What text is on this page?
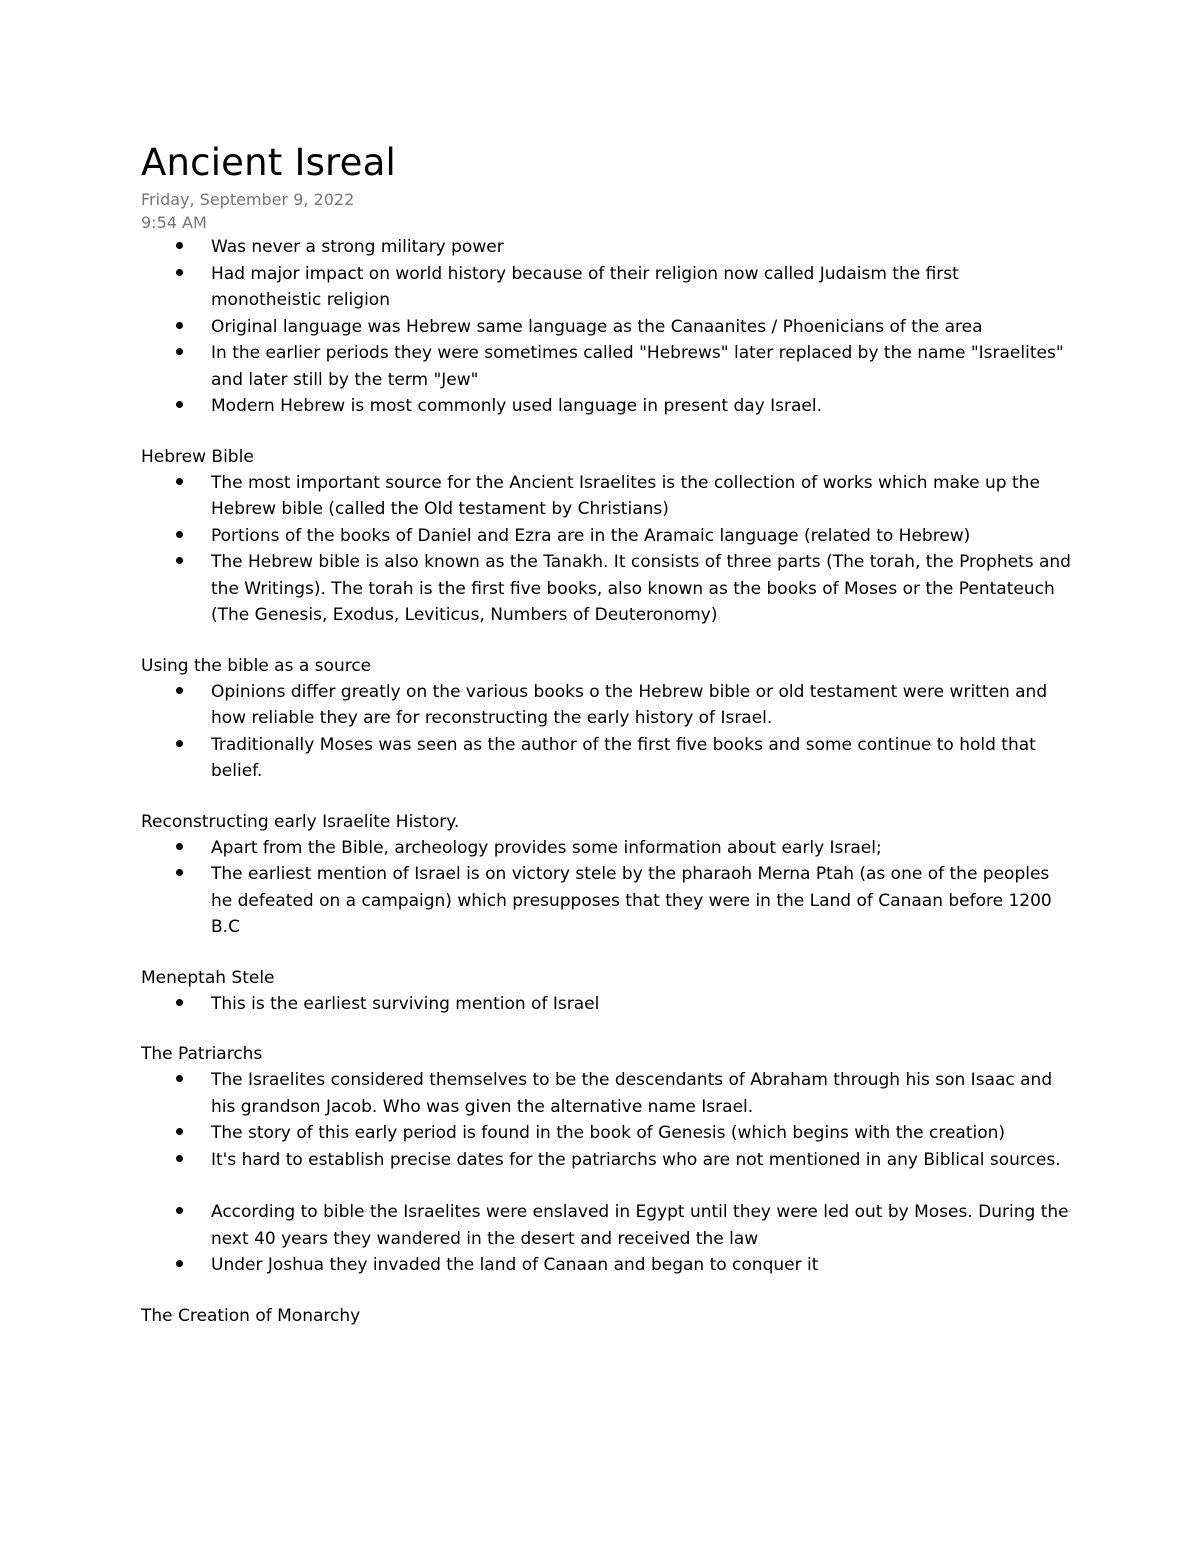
Ancient Isreal

Friday, September 9, 2022

9:54 AM

Was never a strong military power
Had major impact on world history because of their religion now called Judaism the first monotheistic religion
Original language was Hebrew same language as the Canaanites / Phoenicians of the area
In the earlier periods they were sometimes called "Hebrews" later replaced by the name "Israelites" and later still by the term "Jew"
Modern Hebrew is most commonly used language in present day Israel.

Hebrew Bible

The most important source for the Ancient Israelites is the collection of works which make up the Hebrew bible (called the Old testament by Christians)
Portions of the books of Daniel and Ezra are in the Aramaic language (related to Hebrew)
The Hebrew bible is also known as the Tanakh. It consists of three parts (The torah, the Prophets and the Writings). The torah is the first five books, also known as the books of Moses or the Pentateuch (The Genesis, Exodus, Leviticus, Numbers of Deuteronomy)

Using the bible as a source

Opinions differ greatly on the various books o the Hebrew bible or old testament were written and how reliable they are for reconstructing the early history of Israel.
Traditionally Moses was seen as the author of the first five books and some continue to hold that belief.

Reconstructing early Israelite History.

Apart from the Bible, archeology provides some information about early Israel;
The earliest mention of Israel is on victory stele by the pharaoh Merna Ptah (as one of the peoples he defeated on a campaign) which presupposes that they were in the Land of Canaan before 1200 B.C

Meneptah Stele

This is the earliest surviving mention of Israel

The Patriarchs

The Israelites considered themselves to be the descendants of Abraham through his son Isaac and his grandson Jacob. Who was given the alternative name Israel.
The story of this early period is found in the book of Genesis (which begins with the creation)
It's hard to establish precise dates for the patriarchs who are not mentioned in any Biblical sources.
According to bible the Israelites were enslaved in Egypt until they were led out by Moses. During the next 40 years they wandered in the desert and received the law
Under Joshua they invaded the land of Canaan and began to conquer it

The Creation of Monarchy
